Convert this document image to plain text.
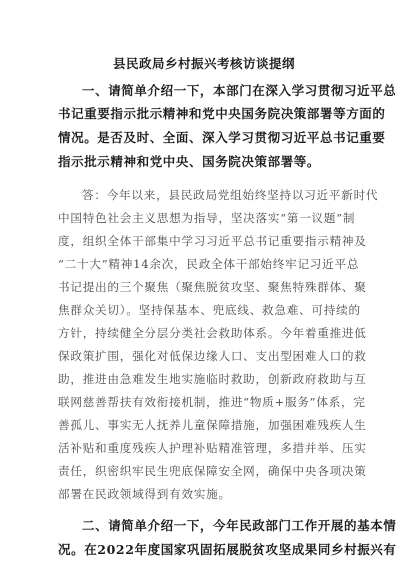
县民政局乡村振兴考核访谈提纲
一、请简单介绍一下，本部门在深入学习贯彻习近平总
书记重要指示批示精神和党中央国务院决策部署等方面的
情况。是否及时、全面、深入学习贯彻习近平总书记重要
指示批示精神和党中央、国务院决策部署等。
答：今年以来，县民政局党组始终坚持以习近平新时代
中国特色社会主义思想为指导，坚决落实“第一议题”制
度，组织全体干部集中学习习近平总书记重要指示精神及
“二十大”精神14余次，民政全体干部始终牢记习近平总
书记提出的三个聚焦（聚焦脱贫攻坚、聚焦特殊群体、聚
焦群众关切）。坚持保基本、兜底线、救急难、可持续的
方针，持续健全分层分类社会救助体系。今年着重推进低
保政策扩围，强化对低保边缘人口、支出型困难人口的救
助，推进由急难发生地实施临时救助，创新政府救助与互
联网慈善帮扶有效衔接机制，推进“物质+服务”体系，完
善孤儿、事实无人抚养儿童保障措施，加强困难残疾人生
活补贴和重度残疾人护理补贴精准管理，多措并举、压实
责任，织密织牢民生兜底保障安全网，确保中央各项决策
部署在民政领域得到有效实施。
二、请简单介绍一下，今年民政部门工作开展的基本情
况。在2022年度国家巩固拓展脱贫攻坚成果同乡村振兴有
